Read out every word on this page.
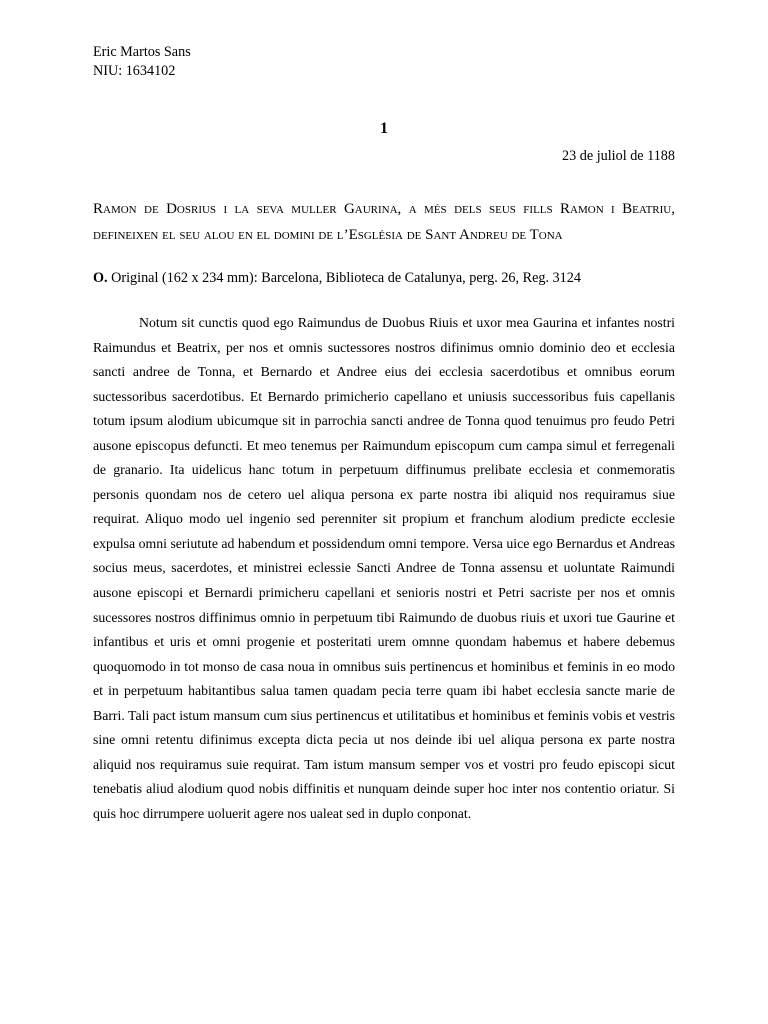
Eric Martos Sans

NIU: 1634102

1

23 de juliol de 1188

Ramon de Dosrius i la seva muller Gaurina, a més dels seus fills Ramon i Beatriu, defineixen el seu alou en el domini de l’Església de Sant Andreu de Tona

O. Original (162 x 234 mm): Barcelona, Biblioteca de Catalunya, perg. 26, Reg. 3124

Notum sit cunctis quod ego Raimundus de Duobus Riuis et uxor mea Gaurina et infantes nostri Raimundus et Beatrix, per nos et omnis suctessores nostros difinimus omnio dominio deo et ecclesia sancti andree de Tonna, et Bernardo et Andree eius dei ecclesia sacerdotibus et omnibus eorum suctessoribus sacerdotibus. Et Bernardo primicherio capellano et uniusis successoribus fuis capellanis totum ipsum alodium ubicumque sit in parrochia sancti andree de Tonna quod tenuimus pro feudo Petri ausone episcopus defuncti. Et meo tenemus per Raimundum episcopum cum campa simul et ferregenali de granario. Ita uidelicus hanc totum in perpetuum diffinumus prelibate ecclesia et conmemoratis personis quondam nos de cetero uel aliqua persona ex parte nostra ibi aliquid nos requiramus siue requirat. Aliquo modo uel ingenio sed perenniter sit propium et franchum alodium predicte ecclesie expulsa omni seriutute ad habendum et possidendum omni tempore. Versa uice ego Bernardus et Andreas socius meus, sacerdotes, et ministrei eclessie Sancti Andree de Tonna assensu et uoluntate Raimundi ausone episcopi et Bernardi primicheru capellani et senioris nostri et Petri sacriste per nos et omnis sucessores nostros diffinimus omnio in perpetuum tibi Raimundo de duobus riuis et uxori tue Gaurine et infantibus et uris et omni progenie et posteritati urem omnne quondam habemus et habere debemus quoquomodo in tot monso de casa noua in omnibus suis pertinencus et hominibus et feminis in eo modo et in perpetuum habitantibus salua tamen quadam pecia terre quam ibi habet ecclesia sancte marie de Barri. Tali pact istum mansum cum sius pertinencus et utilitatibus et hominibus et feminis vobis et vestris sine omni retentu difinimus excepta dicta pecia ut nos deinde ibi uel aliqua persona ex parte nostra aliquid nos requiramus suie requirat. Tam istum mansum semper vos et vostri pro feudo episcopi sicut tenebatis aliud alodium quod nobis diffinitis et nunquam deinde super hoc inter nos contentio oriatur. Si quis hoc dirrumpere uoluerit agere nos ualeat sed in duplo conponat.
